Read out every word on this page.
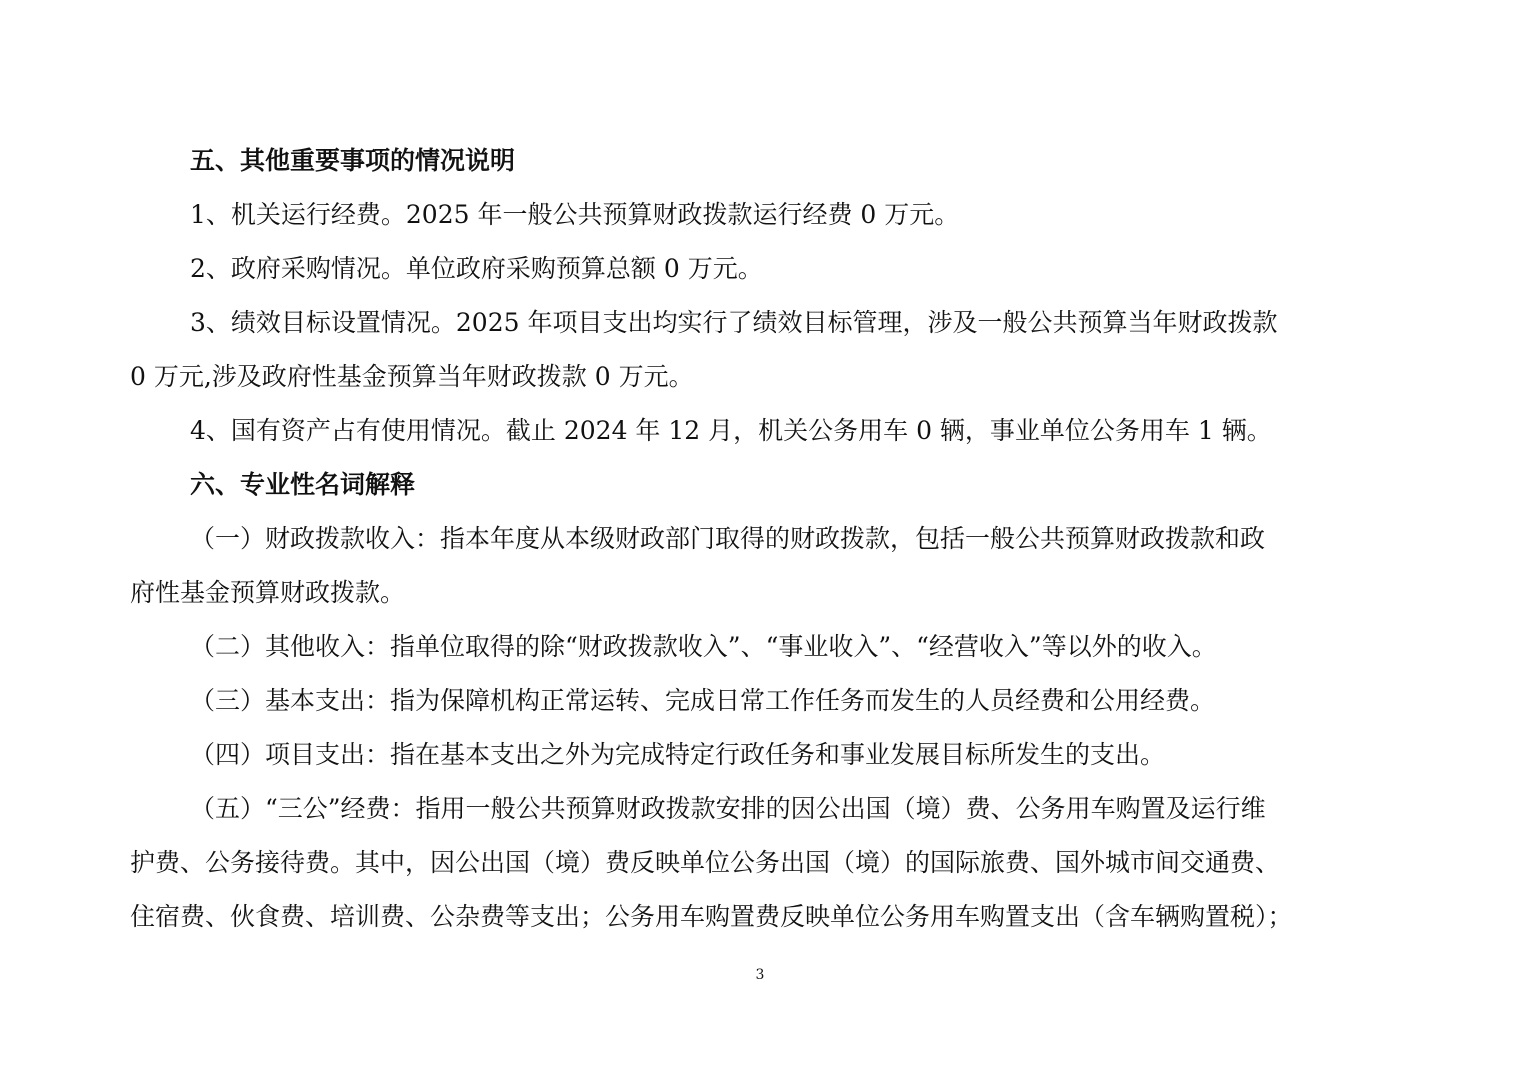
五、其他重要事项的情况说明
1、机关运行经费。2025 年一般公共预算财政拨款运行经费 0 万元。
2、政府采购情况。单位政府采购预算总额 0 万元。
3、绩效目标设置情况。2025 年项目支出均实行了绩效目标管理，涉及一般公共预算当年财政拨款
0 万元,涉及政府性基金预算当年财政拨款 0 万元。
4、国有资产占有使用情况。截止 2024 年 12 月，机关公务用车 0 辆，事业单位公务用车 1 辆。
六、专业性名词解释
（一）财政拨款收入：指本年度从本级财政部门取得的财政拨款，包括一般公共预算财政拨款和政
府性基金预算财政拨款。
（二）其他收入：指单位取得的除“财政拨款收入”、“事业收入”、“经营收入”等以外的收入。
（三）基本支出：指为保障机构正常运转、完成日常工作任务而发生的人员经费和公用经费。
（四）项目支出：指在基本支出之外为完成特定行政任务和事业发展目标所发生的支出。
（五）“三公”经费：指用一般公共预算财政拨款安排的因公出国（境）费、公务用车购置及运行维
护费、公务接待费。其中，因公出国（境）费反映单位公务出国（境）的国际旅费、国外城市间交通费、
住宿费、伙食费、培训费、公杂费等支出；公务用车购置费反映单位公务用车购置支出（含车辆购置税）；
3
